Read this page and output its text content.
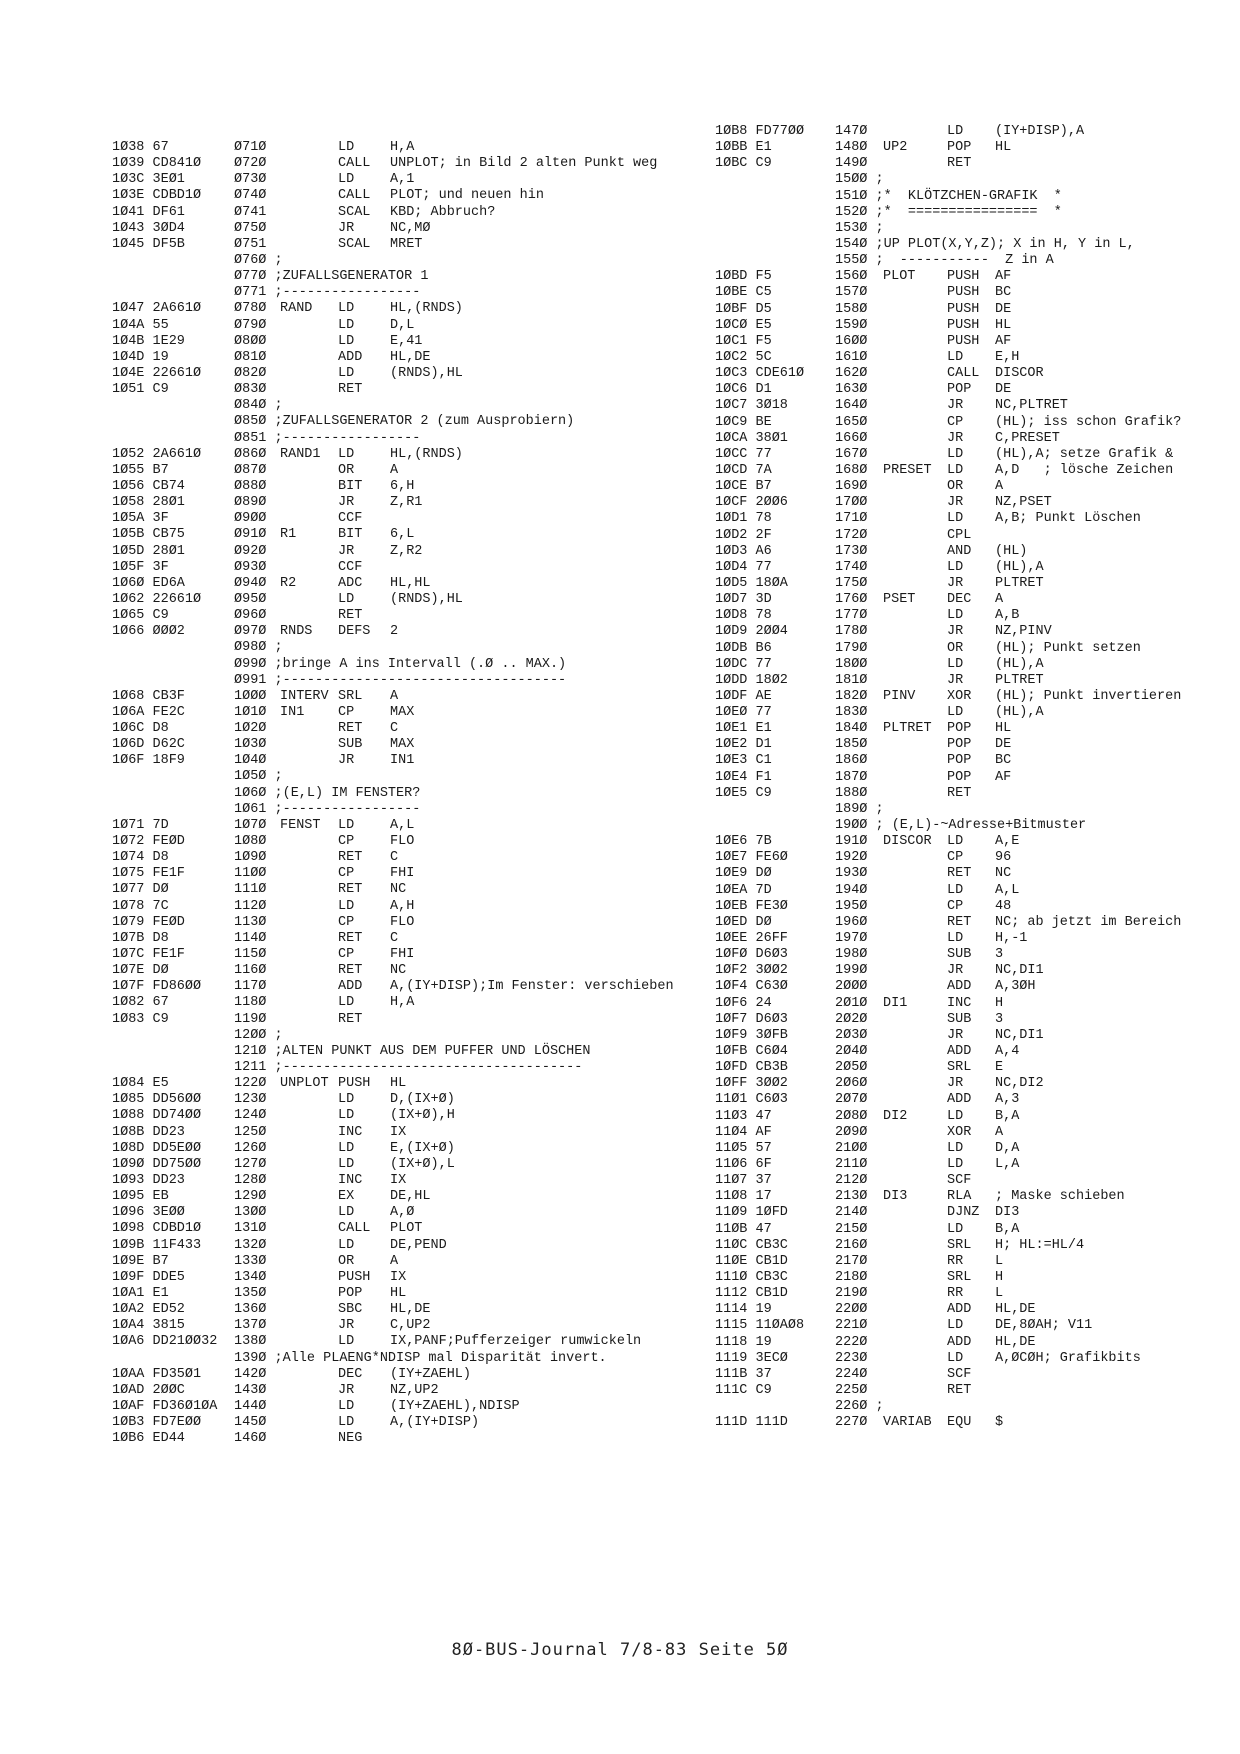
1Ø38 67	Ø71Ø	LD	H,A
1Ø39 CD841Ø Ø72Ø	CALL UNPLOT; in Bild 2 alten Punkt weg
1Ø3C 3EØ1	Ø73Ø	LD	A,1
1Ø3E CDBD1Ø Ø74Ø	CALL PLOT; und neuen hin
1Ø41 DF61	Ø741	SCAL KBD; Abbruch?
1Ø43 3ØD4	Ø75Ø	JR	NC,MØ
1Ø45 DF5B	Ø751	SCAL MRET
Ø76Ø ;
Ø77Ø ;ZUFALLSGENERATOR 1
Ø771 ;-----------------
1Ø47 2A661Ø Ø78Ø RAND LD	HL,(RNDS)
1Ø4A 55	Ø79Ø	LD	D,L
1Ø4B 1E29	Ø8ØØ	LD	E,41
1Ø4D 19	Ø81Ø	ADD HL,DE
1Ø4E 22661Ø Ø82Ø	LD	(RNDS),HL
1Ø51 C9	Ø83Ø	RET
Ø84Ø ;
Ø85Ø ;ZUFALLSGENERATOR 2 (zum Ausprobiern)
Ø851 ;-----------------
1Ø52 2A661Ø Ø86Ø RAND1 LD	HL,(RNDS)
1Ø55 B7	Ø87Ø	OR	A
1Ø56 CB74	Ø88Ø	BIT 6,H
1Ø58 28Ø1	Ø89Ø	JR	Z,R1
1Ø5A 3F	Ø9ØØ	CCF
1Ø5B CB75	Ø91Ø R1	BIT 6,L
1Ø5D 28Ø1	Ø92Ø	JR	Z,R2
1Ø5F 3F	Ø93Ø	CCF
1Ø6Ø ED6A	Ø94Ø R2	ADC HL,HL
1Ø62 22661Ø Ø95Ø	LD	(RNDS),HL
1Ø65 C9	Ø96Ø	RET
1Ø66 ØØØ2	Ø97Ø RNDS DEFS 2
Ø98Ø ;
Ø99Ø ;bringe A ins Intervall (.Ø .. MAX.)
Ø991 ;-----------------------------------
1Ø68 CB3F	1ØØØ INTERV SRL A
1Ø6A FE2C	1Ø1Ø IN1 CP	MAX
1Ø6C D8	1Ø2Ø	RET C
1Ø6D D62C	1Ø3Ø	SUB MAX
1Ø6F 18F9	1Ø4Ø	JR	IN1
1Ø5Ø ;
1Ø6Ø ;(E,L) IM FENSTER?
1Ø61 ;-----------------
1Ø71 7D	1Ø7Ø FENST LD	A,L
1Ø72 FEØD	1Ø8Ø	CP	FLO
1Ø74 D8	1Ø9Ø	RET C
1Ø75 FE1F	11ØØ	CP	FHI
1Ø77 DØ	111Ø	RET NC
1Ø78 7C	112Ø	LD	A,H
1Ø79 FEØD	113Ø	CP	FLO
1Ø7B D8	114Ø	RET C
1Ø7C FE1F	115Ø	CP	FHI
1Ø7E DØ	116Ø	RET NC
1Ø7F FD86ØØ 117Ø	ADD A,(IY+DISP);Im Fenster: verschieben
1Ø82 67	118Ø	LD	H,A
1Ø83 C9	119Ø	RET
12ØØ ;
121Ø ;ALTEN PUNKT AUS DEM PUFFER UND LÖSCHEN
1211 ;-------------------------------------
1Ø84 E5	122Ø UNPLOT PUSH HL
1Ø85 DD56ØØ 123Ø	LD	D,(IX+Ø)
1Ø88 DD74ØØ 124Ø	LD	(IX+Ø),H
1Ø8B DD23	125Ø	INC IX
1Ø8D DD5EØØ 126Ø	LD	E,(IX+Ø)
1Ø9Ø DD75ØØ 127Ø	LD	(IX+Ø),L
1Ø93 DD23	128Ø	INC IX
1Ø95 EB	129Ø	EX	DE,HL
1Ø96 3EØØ	13ØØ	LD	A,Ø
1Ø98 CDBD1Ø 131Ø	CALL PLOT
1Ø9B 11F433 132Ø	LD	DE,PEND
1Ø9E B7	133Ø	OR	A
1Ø9F DDE5	134Ø	PUSH IX
1ØA1 E1	135Ø	POP HL
1ØA2 ED52	136Ø	SBC HL,DE
1ØA4 3815	137Ø	JR	C,UP2
1ØA6 DD21ØØ32 138Ø	LD	IX,PANF;Pufferzeiger rumwickeln
139Ø ;Alle PLAENG*NDISP mal Disparität invert.
1ØAA FD35Ø1 142Ø	DEC (IY+ZAEHL)
1ØAD 2ØØC	143Ø	JR	NZ,UP2
1ØAF FD36Ø1ØA 144Ø	LD	(IY+ZAEHL),NDISP
1ØB3 FD7EØØ 145Ø	LD	A,(IY+DISP)
1ØB6 ED44	146Ø	NEG
1ØB8 FD77ØØ 147Ø	LD (IY+DISP),A
1ØBB E1	148Ø UP2	POP HL
1ØBC C9	149Ø	RET
15ØØ ;
151Ø ;*  KLÖTZCHEN-GRAFIK  *
152Ø ;*  ================  *
153Ø ;
154Ø ;UP PLOT(X,Y,Z); X in H, Y in L,
155Ø ;  -----------  Z in A
1ØBD F5	156Ø PLOT PUSH AF
1ØBE C5	157Ø	PUSH BC
1ØBF D5	158Ø	PUSH DE
1ØCØ E5	159Ø	PUSH HL
1ØC1 F5	16ØØ	PUSH AF
1ØC2 5C	161Ø	LD E,H
1ØC3 CDE61Ø 162Ø	CALL DISCOR
1ØC6 D1	163Ø	POP DE
1ØC7 3Ø18	164Ø	JR NC,PLTRET
1ØC9 BE	165Ø	CP (HL); iss schon Grafik?
1ØCA 38Ø1	166Ø	JR C,PRESET
1ØCC 77	167Ø	LD (HL),A; setze Grafik &
1ØCD 7A	168Ø PRESET LD A,D   ; lösche Zeichen
1ØCE B7	169Ø	OR A
1ØCF 2ØØ6	17ØØ	JR NZ,PSET
1ØD1 78	171Ø	LD A,B; Punkt Löschen
1ØD2 2F	172Ø	CPL
1ØD3 A6	173Ø	AND (HL)
1ØD4 77	174Ø	LD (HL),A
1ØD5 18ØA	175Ø	JR PLTRET
1ØD7 3D	176Ø PSET DEC A
1ØD8 78	177Ø	LD A,B
1ØD9 2ØØ4	178Ø	JR NZ,PINV
1ØDB B6	179Ø	OR (HL); Punkt setzen
1ØDC 77	18ØØ	LD (HL),A
1ØDD 18Ø2	181Ø	JR PLTRET
1ØDF AE	182Ø PINV XOR (HL); Punkt invertieren
1ØEØ 77	183Ø	LD (HL),A
1ØE1 E1	184Ø PLTRET POP HL
1ØE2 D1	185Ø	POP DE
1ØE3 C1	186Ø	POP BC
1ØE4 F1	187Ø	POP AF
1ØE5 C9	188Ø	RET
189Ø ;
19ØØ ; (E,L)-~Adresse+Bitmuster
1ØE6 7B	191Ø DISCOR LD A,E
1ØE7 FE6Ø	192Ø	CP 96
1ØE9 DØ	193Ø	RET NC
1ØEA 7D	194Ø	LD A,L
1ØEB FE3Ø	195Ø	CP 48
1ØED DØ	196Ø	RET NC; ab jetzt im Bereich
1ØEE 26FF	197Ø	LD H,-1
1ØFØ D6Ø3	198Ø	SUB 3
1ØF2 3ØØ2	199Ø	JR NC,DI1
1ØF4 C63Ø	2ØØØ	ADD A,3ØH
1ØF6 24	2Ø1Ø DI1	INC H
1ØF7 D6Ø3	2Ø2Ø	SUB 3
1ØF9 3ØFB	2Ø3Ø	JR NC,DI1
1ØFB C6Ø4	2Ø4Ø	ADD A,4
1ØFD CB3B	2Ø5Ø	SRL E
1ØFF 3ØØ2	2Ø6Ø	JR NC,DI2
11Ø1 C6Ø3	2Ø7Ø	ADD A,3
11Ø3 47	2Ø8Ø DI2	LD B,A
11Ø4 AF	2Ø9Ø	XOR A
11Ø5 57	21ØØ	LD D,A
11Ø6 6F	211Ø	LD L,A
11Ø7 37	212Ø	SCF
11Ø8 17	213Ø DI3	RLA ; Maske schieben
11Ø9 1ØFD	214Ø	DJNZ DI3
11ØB 47	215Ø	LD B,A
11ØC CB3C	216Ø	SRL H; HL:=HL/4
11ØE CB1D	217Ø	RR L
111Ø CB3C	218Ø	SRL H
1112 CB1D	219Ø	RR L
1114 19	22ØØ	ADD HL,DE
1115 11ØAØ8 221Ø	LD DE,8ØAH; V11
1118 19	222Ø	ADD HL,DE
1119 3ECØ	223Ø	LD A,ØCØH; Grafikbits
111B 37	224Ø	SCF
111C C9	225Ø	RET
226Ø ;
111D 111D	227Ø VARIAB EQU $
8Ø-BUS-Journal 7/8-83 Seite 5Ø
